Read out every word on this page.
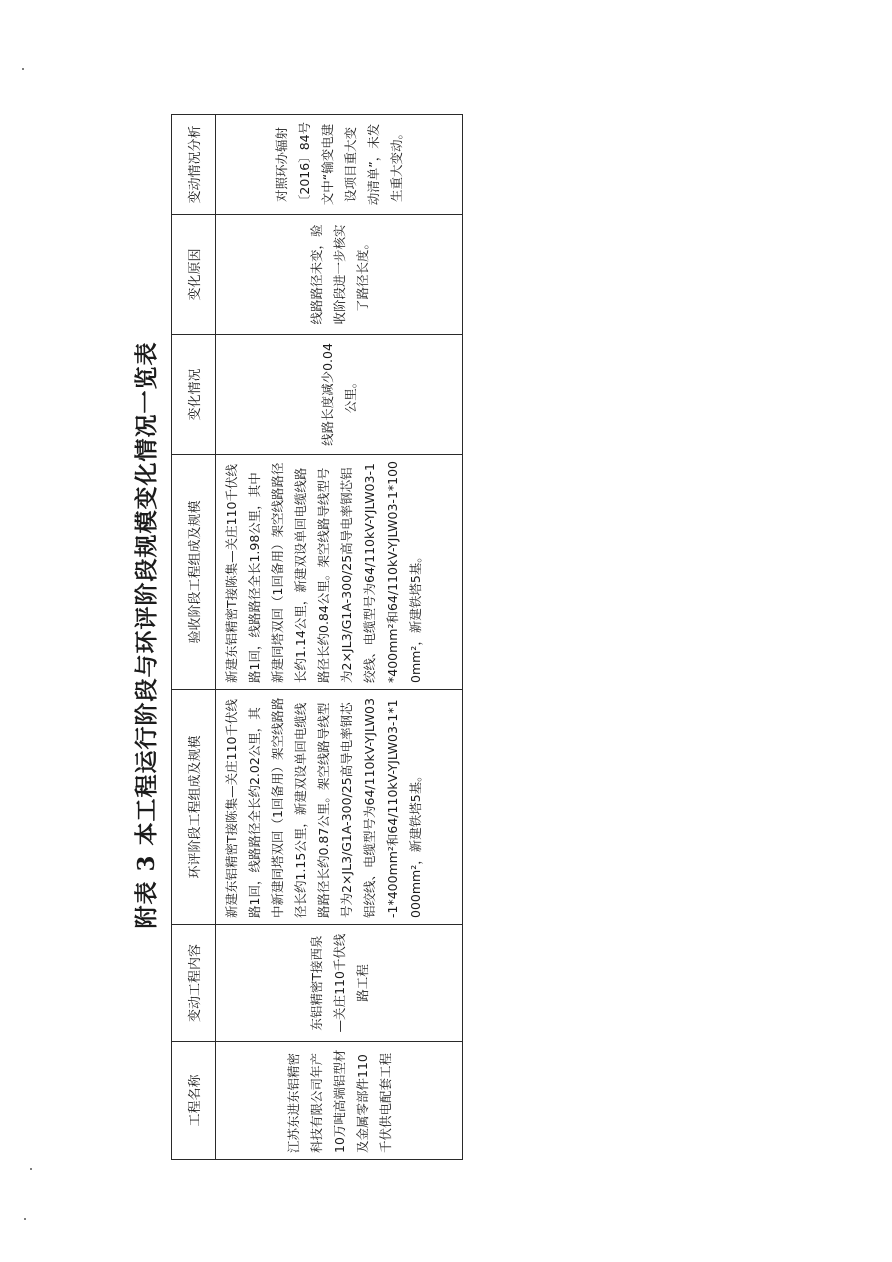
附表 3 本工程运行阶段与环评阶段规模变化情况一览表
工程名称	变动工程内容	环评阶段工程组成及规模	验收阶段工程组成及规模	变化情况	变化原因	变动情况分析
江苏东进东铝精密科技有限公司年产10万吨高端铝型材及金属零部件110千伏供电配套工程	东铝精密T接西泉—关庄110千伏线路工程	新建东铝精密T接陈集—关庄110千伏线路1回，线路路径全长约2.02公里，其中新建同塔双回（1回备用）架空线路路径长约1.15公里，新建双设单回电缆线路路径长约0.87公里。架空线路导线型号为2×JL3/G1A-300/25高导电率钢芯铝绞线、电缆型号为64/110kV-YJLW03-1*400mm²和64/110kV-YJLW03-1*1000mm²，新建铁塔5基。	新建东铝精密T接陈集—关庄110千伏线路1回，线路路径全长1.98公里，其中新建同塔双回（1回备用）架空线路路径长约1.14公里，新建双设单回电缆线路路径长约0.84公里。架空线路导线型号为2×JL3/G1A-300/25高导电率钢芯铝绞线、电缆型号为64/110kV-YJLW03-1*400mm²和64/110kV-YJLW03-1*1000mm²，新建铁塔5基。	线路长度减少0.04公里。	线路路径未变，验收阶段进一步核实了路径长度。	对照环办辐射〔2016〕84号文中“输变电建设项目重大变动清单”，未发生重大变动。
